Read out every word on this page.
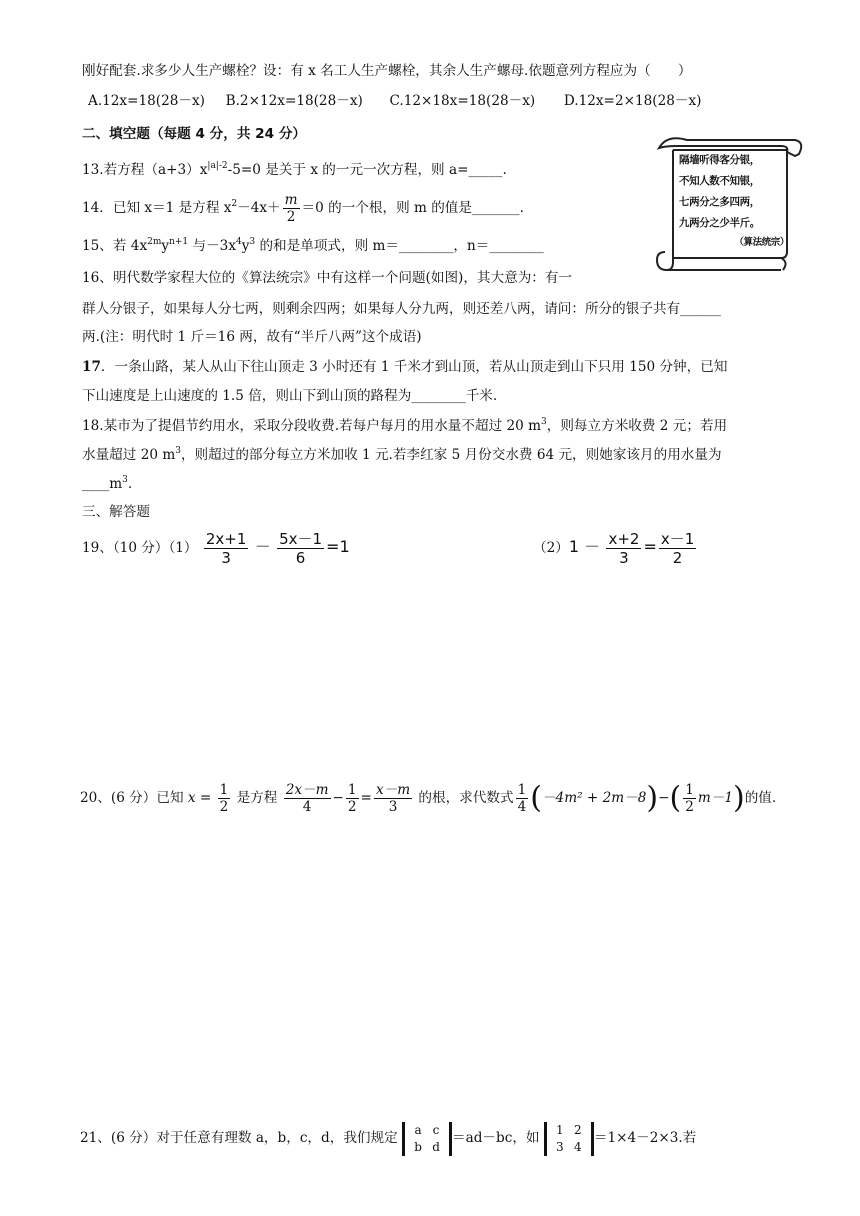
刚好配套.求多少人生产螺栓？设：有 x 名工人生产螺栓，其余人生产螺母.依题意列方程应为（　　）
A.12x=18(28－x) B.2×12x=18(28－x) C.12×18x=18(28－x) D.12x=2×18(28－x)
二、填空题（每题 4 分，共 24 分）
13.若方程$(a+3)x^{|a|-2}-5=0$ 是关于 x 的一元一次方程，则 a=_____.
14．已知 x＝1 是方程 $x^2-4x+ \frac{m}{2} =0$ 的一个根，则 m 的值是_______.
15、若 $4x^{2m}y^{n+1}$ 与$-3x^4y^3$ 的和是单项式，则 m＝________，n＝________
16、明代数学家程大位的《算法统宗》中有这样一个问题(如图)，其大意为：有一
群人分银子，如果每人分七两，则剩余四两；如果每人分九两，则还差八两，请问：所分的银子共有______
两.(注：明代时 1 斤＝16 两，故有“半斤八两”这个成语)
隔墙听得客分银，
不知人数不知银，
七两分之多四两，
九两分之少半斤。
（算法统宗）
17．一条山路，某人从山下往山顶走 3 小时还有 1 千米才到山顶，若从山顶走到山下只用 150 分钟，已知
下山速度是上山速度的 1.5 倍，则山下到山顶的路程为________千米.
18.某市为了提倡节约用水，采取分段收费.若每户每月的用水量不超过 20 $m^3$，则每立方米收费 2 元；若用
水量超过 20 $m^3$，则超过的部分每立方米加收 1 元.若李红家 5 月份交水费 64 元，则她家该月的用水量为
$\_\_\_\_m^3$.
三、解答题
19、（10 分）$(1) \frac{2x+1}{3} - \frac{5x-1}{6} =1$	$(2)1 - \frac{x+2}{3} = \frac{x-1}{2}$
20、(6 分）已知 $x = \frac{1}{2}$ 是方程 $\frac{2x-m}{4} - \frac{1}{2} = \frac{x-m}{3}$ 的根，求代数式 $\frac{1}{4} (-4m^2 + 2m-8)-( \frac{1}{2} m-1)$的值.
21、(6 分）对于任意有理数 a，b，c，d，我们规定
a c
b d
＝ad－bc，如
1 2
3 4
＝1×4－2×3.若
